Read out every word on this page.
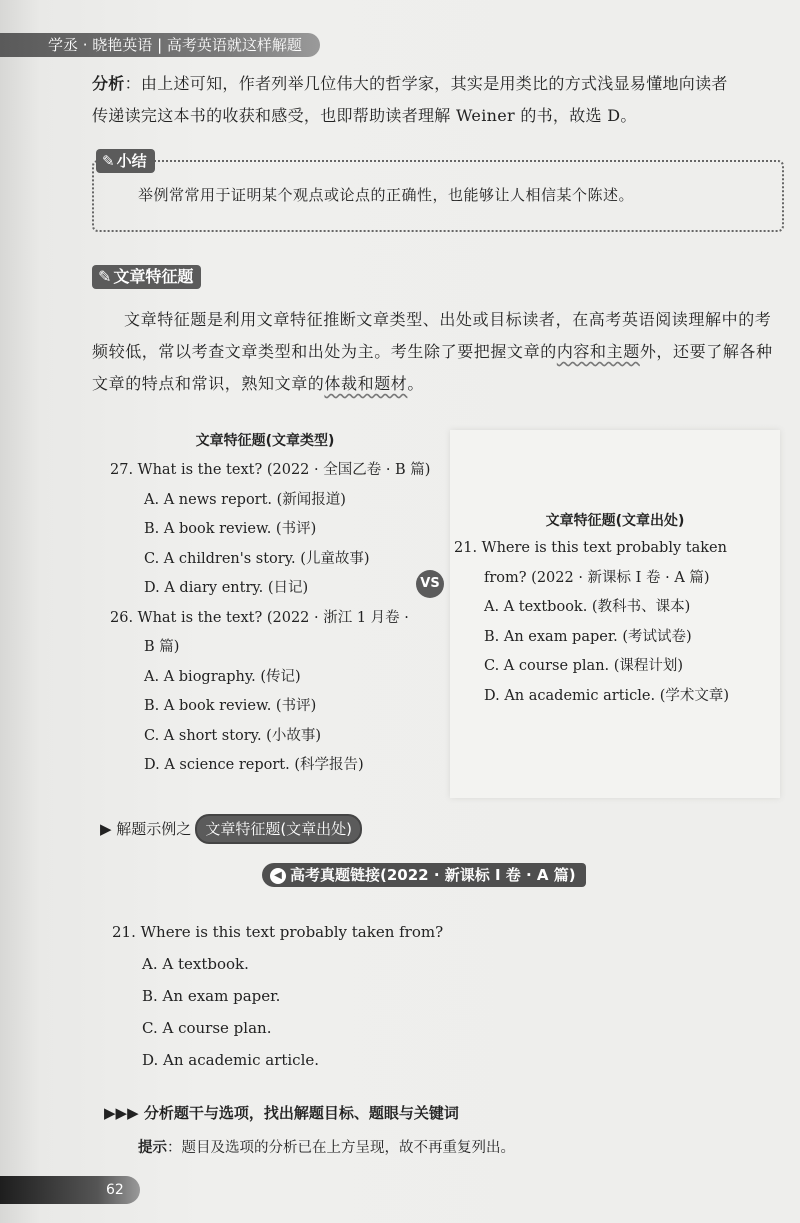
学丞 · 晓艳英语 | 高考英语就这样解题
分析：由上述可知，作者列举几位伟大的哲学家，其实是用类比的方式浅显易懂地向读者
传递读完这本书的收获和感受，也即帮助读者理解 Weiner 的书，故选 D。
✎ 小结
举例常常用于证明某个观点或论点的正确性，也能够让人相信某个陈述。
✎ 文章特征题
文章特征题是利用文章特征推断文章类型、出处或目标读者，在高考英语阅读理解中的考
频较低，常以考查文章类型和出处为主。考生除了要把握文章的内容和主题外，还要了解各种
文章的特点和常识，熟知文章的体裁和题材。
文章特征题(文章类型)
27. What is the text? (2022 · 全国乙卷 · B 篇)
A. A news report. (新闻报道)
B. A book review. (书评)
C. A children's story. (儿童故事)
D. A diary entry. (日记)
26. What is the text? (2022 · 浙江 1 月卷 ·
B 篇)
A. A biography. (传记)
B. A book review. (书评)
C. A short story. (小故事)
D. A science report. (科学报告)
VS
文章特征题(文章出处)
21. Where is this text probably taken
from? (2022 · 新课标 Ⅰ 卷 · A 篇)
A. A textbook. (教科书、课本)
B. An exam paper. (考试试卷)
C. A course plan. (课程计划)
D. An academic article. (学术文章)
▶ 解题示例之 文章特征题(文章出处)
◀ 高考真题链接(2022 · 新课标 Ⅰ 卷 · A 篇)
21. Where is this text probably taken from?
A. A textbook.
B. An exam paper.
C. A course plan.
D. An academic article.
▶▶▶ 分析题干与选项，找出解题目标、题眼与关键词
提示：题目及选项的分析已在上方呈现，故不再重复列出。
62
